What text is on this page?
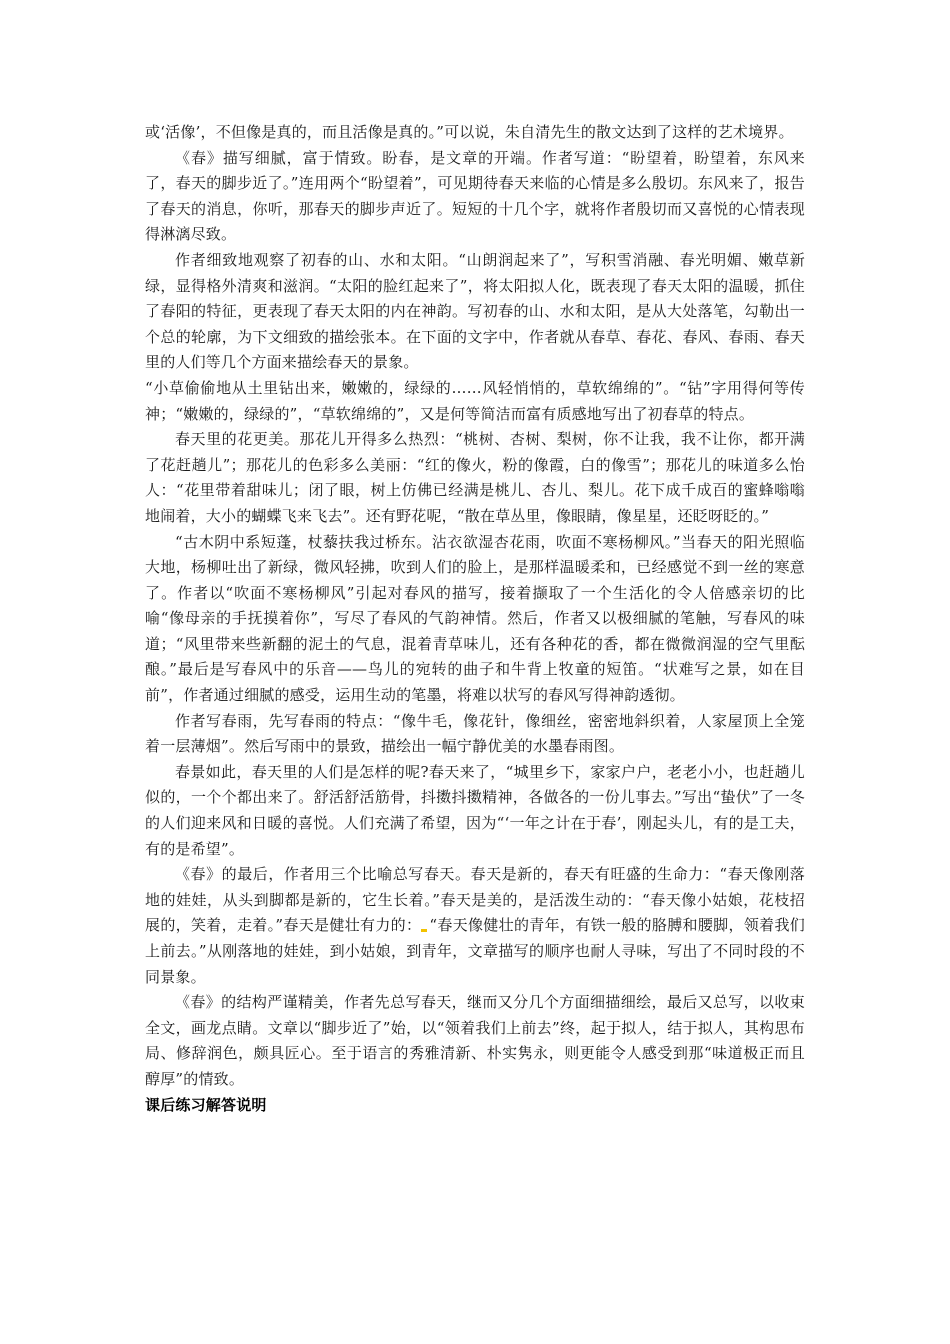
或‘活像’，不但像是真的，而且活像是真的。”可以说，朱自清先生的散文达到了这样的艺术境界。

《春》描写细腻，富于情致。盼春，是文章的开端。作者写道：“盼望着，盼望着，东风来了，春天的脚步近了。”连用两个“盼望着”，可见期待春天来临的心情是多么殷切。东风来了，报告了春天的消息，你听，那春天的脚步声近了。短短的十几个字，就将作者殷切而又喜悦的心情表现得淋漓尽致。

作者细致地观察了初春的山、水和太阳。“山朗润起来了”，写积雪消融、春光明媚、嫩草新绿，显得格外清爽和滋润。“太阳的脸红起来了”，将太阳拟人化，既表现了春天太阳的温暖，抓住了春阳的特征，更表现了春天太阳的内在神韵。写初春的山、水和太阳，是从大处落笔，勾勒出一个总的轮廓，为下文细致的描绘张本。在下面的文字中，作者就从春草、春花、春风、春雨、春天里的人们等几个方面来描绘春天的景象。

“小草偷偷地从土里钻出来，嫩嫩的，绿绿的……风轻悄悄的，草软绵绵的”。“钻”字用得何等传神；“嫩嫩的，绿绿的”，“草软绵绵的”，又是何等简洁而富有质感地写出了初春草的特点。

春天里的花更美。那花儿开得多么热烈：“桃树、杏树、梨树，你不让我，我不让你，都开满了花赶趟儿”；那花儿的色彩多么美丽：“红的像火，粉的像霞，白的像雪”；那花儿的味道多么怡人：“花里带着甜味儿；闭了眼，树上仿佛已经满是桃儿、杏儿、梨儿。花下成千成百的蜜蜂嗡嗡地闹着，大小的蝴蝶飞来飞去”。还有野花呢，“散在草丛里，像眼睛，像星星，还眨呀眨的。”

“古木阴中系短蓬，杖藜扶我过桥东。沾衣欲湿杏花雨，吹面不寒杨柳风。”当春天的阳光照临大地，杨柳吐出了新绿，微风轻拂，吹到人们的脸上，是那样温暖柔和，已经感觉不到一丝的寒意了。作者以“吹面不寒杨柳风”引起对春风的描写，接着撷取了一个生活化的令人倍感亲切的比喻“像母亲的手抚摸着你”，写尽了春风的气韵神情。然后，作者又以极细腻的笔触，写春风的味道；“风里带来些新翻的泥土的气息，混着青草味儿，还有各种花的香，都在微微润湿的空气里酝酿。”最后是写春风中的乐音——鸟儿的宛转的曲子和牛背上牧童的短笛。“状难写之景，如在目前”，作者通过细腻的感受，运用生动的笔墨，将难以状写的春风写得神韵透彻。

作者写春雨，先写春雨的特点：“像牛毛，像花针，像细丝，密密地斜织着，人家屋顶上全笼着一层薄烟”。然后写雨中的景致，描绘出一幅宁静优美的水墨春雨图。

春景如此，春天里的人们是怎样的呢?春天来了，“城里乡下，家家户户，老老小小，也赶趟儿似的，一个个都出来了。舒活舒活筋骨，抖擞抖擞精神，各做各的一份儿事去。”写出“蛰伏”了一冬的人们迎来风和日暖的喜悦。人们充满了希望，因为“‘一年之计在于春’，刚起头儿，有的是工夫，有的是希望”。

《春》的最后，作者用三个比喻总写春天。春天是新的，春天有旺盛的生命力：“春天像刚落地的娃娃，从头到脚都是新的，它生长着。”春天是美的，是活泼生动的：“春天像小姑娘，花枝招展的，笑着，走着。”春天是健壮有力的： “春天像健壮的青年，有铁一般的胳膊和腰脚，领着我们上前去。”从刚落地的娃娃，到小姑娘，到青年，文章描写的顺序也耐人寻味，写出了不同时段的不同景象。

《春》的结构严谨精美，作者先总写春天，继而又分几个方面细描细绘，最后又总写，以收束全文，画龙点睛。文章以“脚步近了”始，以“领着我们上前去”终，起于拟人，结于拟人，其构思布局、修辞润色，颇具匠心。至于语言的秀雅清新、朴实隽永，则更能令人感受到那“味道极正而且醇厚”的情致。

课后练习解答说明
